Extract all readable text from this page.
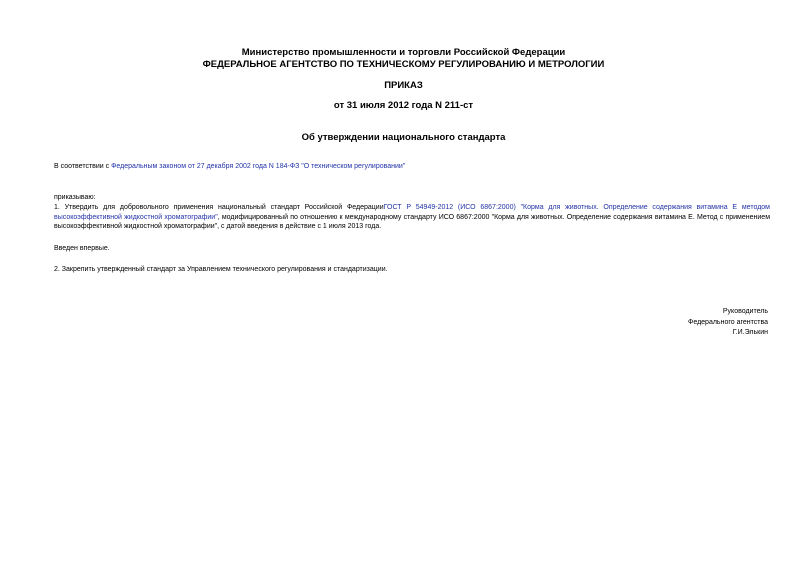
Министерство промышленности и торговли Российской Федерации
ФЕДЕРАЛЬНОЕ АГЕНТСТВО ПО ТЕХНИЧЕСКОМУ РЕГУЛИРОВАНИЮ И МЕТРОЛОГИИ
ПРИКАЗ
от 31 июля 2012 года N 211-ст
Об утверждении национального стандарта
В соответствии с Федеральным законом от 27 декабря 2002 года N 184-ФЗ "О техническом регулировании"
приказываю:
1. Утвердить для добровольного применения национальный стандарт Российской ФедерацииГОСТ Р 54949-2012 (ИСО 6867:2000) "Корма для животных. Определение содержания витамина Е методом высокоэффективной жидкостной хроматографии", модифицированный по отношению к международному стандарту ИСО 6867:2000 "Корма для животных. Определение содержания витамина Е. Метод с применением высокоэффективной жидкостной хроматографии", с датой введения в действие с 1 июля 2013 года.
Введен впервые.
2. Закрепить утвержденный стандарт за Управлением технического регулирования и стандартизации.
Руководитель
Федерального агентства
Г.И.Элькин
